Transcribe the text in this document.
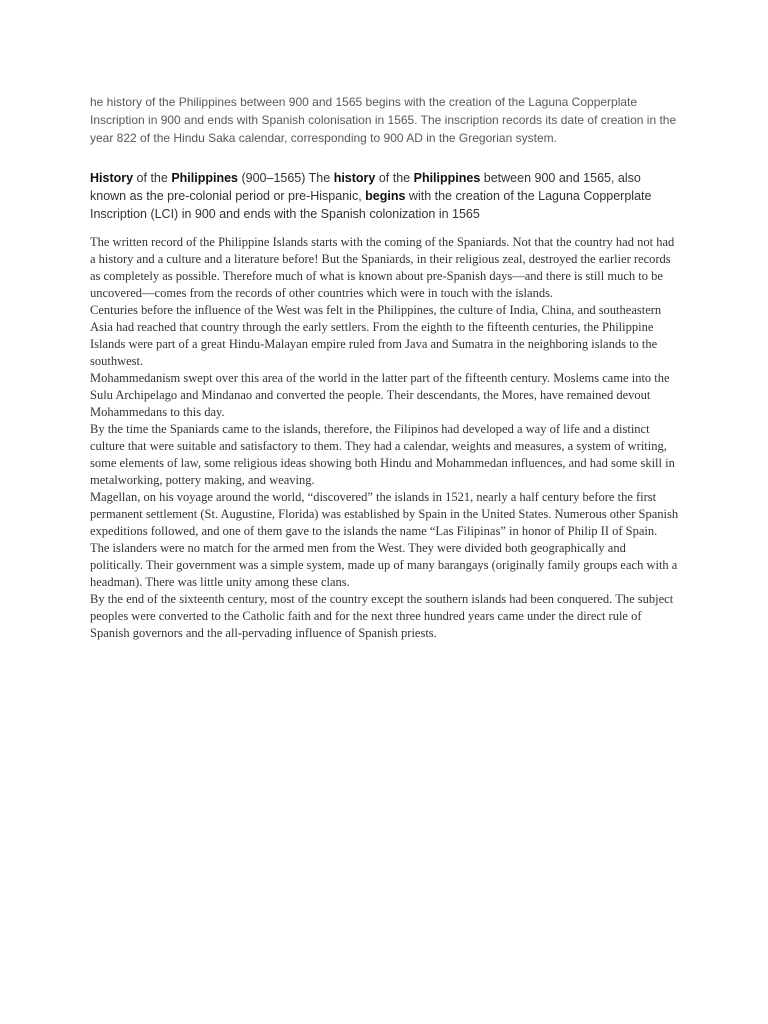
he history of the Philippines between 900 and 1565 begins with the creation of the Laguna Copperplate Inscription in 900 and ends with Spanish colonisation in 1565. The inscription records its date of creation in the year 822 of the Hindu Saka calendar, corresponding to 900 AD in the Gregorian system.

History of the Philippines (900–1565) The history of the Philippines between 900 and 1565, also known as the pre-colonial period or pre-Hispanic, begins with the creation of the Laguna Copperplate Inscription (LCI) in 900 and ends with the Spanish colonization in 1565

The written record of the Philippine Islands starts with the coming of the Spaniards. Not that the country had not had a history and a culture and a literature before! But the Spaniards, in their religious zeal, destroyed the earlier records as completely as possible. Therefore much of what is known about pre-Spanish days—and there is still much to be uncovered—comes from the records of other countries which were in touch with the islands.

Centuries before the influence of the West was felt in the Philippines, the culture of India, China, and southeastern Asia had reached that country through the early settlers. From the eighth to the fifteenth centuries, the Philippine Islands were part of a great Hindu-Malayan empire ruled from Java and Sumatra in the neighboring islands to the southwest.

Mohammedanism swept over this area of the world in the latter part of the fifteenth century. Moslems came into the Sulu Archipelago and Mindanao and converted the people. Their descendants, the Mores, have remained devout Mohammedans to this day.

By the time the Spaniards came to the islands, therefore, the Filipinos had developed a way of life and a distinct culture that were suitable and satisfactory to them. They had a calendar, weights and measures, a system of writing, some elements of law, some religious ideas showing both Hindu and Mohammedan influences, and had some skill in metalworking, pottery making, and weaving.

Magellan, on his voyage around the world, “discovered” the islands in 1521, nearly a half century before the first permanent settlement (St. Augustine, Florida) was established by Spain in the United States. Numerous other Spanish expeditions followed, and one of them gave to the islands the name “Las Filipinas” in honor of Philip II of Spain.

The islanders were no match for the armed men from the West. They were divided both geographically and politically. Their government was a simple system, made up of many barangays (originally family groups each with a headman). There was little unity among these clans.

By the end of the sixteenth century, most of the country except the southern islands had been conquered. The subject peoples were converted to the Catholic faith and for the next three hundred years came under the direct rule of Spanish governors and the all-pervading influence of Spanish priests.
